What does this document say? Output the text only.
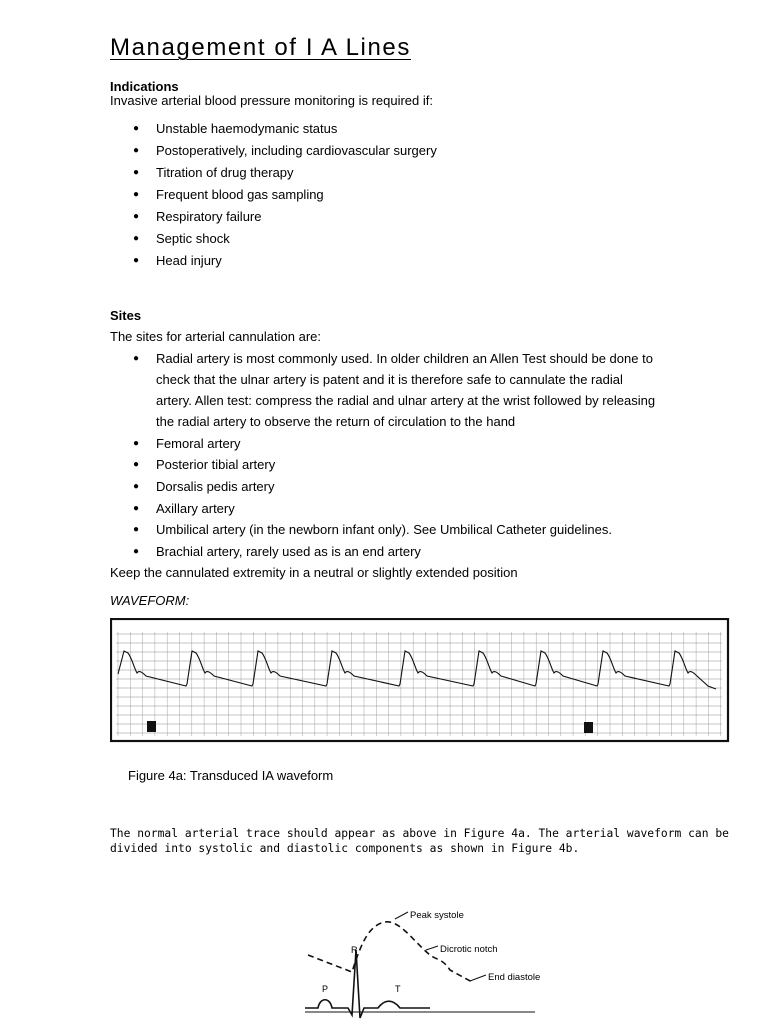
Management of I A Lines
Indications
Invasive arterial blood pressure monitoring is required if:
● Unstable haemodymanic status
● Postoperatively, including cardiovascular surgery
● Titration of drug therapy
● Frequent blood gas sampling
● Respiratory failure
● Septic shock
● Head injury
Sites
The sites for arterial cannulation are:
● Radial artery is most commonly used. In older children an Allen Test should be done to
check that the ulnar artery is patent and it is therefore safe to cannulate the radial
artery. Allen test: compress the radial and ulnar artery at the wrist followed by releasing
the radial artery to observe the return of circulation to the hand
● Femoral artery
● Posterior tibial artery
● Dorsalis pedis artery
● Axillary artery
● Umbilical artery (in the newborn infant only). See Umbilical Catheter guidelines.
● Brachial artery, rarely used as is an end artery
Keep the cannulated extremity in a neutral or slightly extended position
WAVEFORM:
Figure 4a: Transduced IA waveform
The normal arterial trace should appear as above in Figure 4a. The arterial waveform can be
divided into systolic and diastolic components as shown in Figure 4b.
Peak systole
Dicrotic notch
End diastole
R
P	T
